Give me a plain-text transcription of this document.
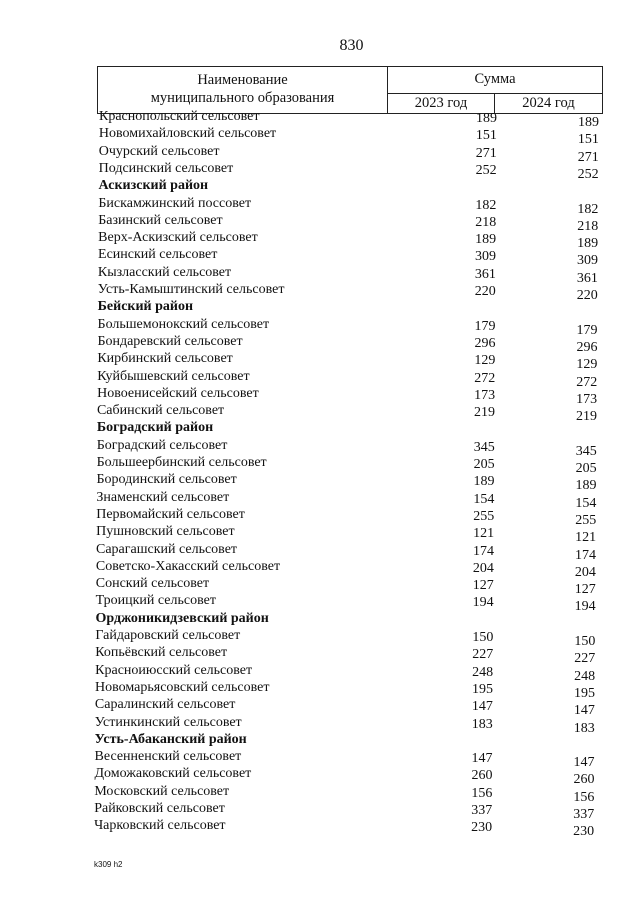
830
Наименование
муниципального образования
Сумма
2023 год	2024 год
Краснопольский сельсовет	189	189
Новомихайловский сельсовет	151	151
Очурский сельсовет	271	271
Подсинский сельсовет	252	252
Аскизский район
Бискамжинский поссовет	182	182
Базинский сельсовет	218	218
Верх-Аскизский сельсовет	189	189
Есинский сельсовет	309	309
Кызласский сельсовет	361	361
Усть-Камыштинский сельсовет	220	220
Бейский район
Большемонокский сельсовет	179	179
Бондаревский сельсовет	296	296
Кирбинский сельсовет	129	129
Куйбышевский сельсовет	272	272
Новоенисейский сельсовет	173	173
Сабинский сельсовет	219	219
Боградский район
Боградский сельсовет	345	345
Большеербинский сельсовет	205	205
Бородинский сельсовет	189	189
Знаменский сельсовет	154	154
Первомайский сельсовет	255	255
Пушновский сельсовет	121	121
Сарагашский сельсовет	174	174
Советско-Хакасский сельсовет	204	204
Сонский сельсовет	127	127
Троицкий сельсовет	194	194
Орджоникидзевский район
Гайдаровский сельсовет	150	150
Копьёвский сельсовет	227	227
Красноиюсский сельсовет	248	248
Новомарьясовский сельсовет	195	195
Саралинский сельсовет	147	147
Устинкинский сельсовет	183	183
Усть-Абаканский район
Весенненский сельсовет	147	147
Доможаковский сельсовет	260	260
Московский сельсовет	156	156
Райковский сельсовет	337	337
Чарковский сельсовет	230	230
k309 h2
